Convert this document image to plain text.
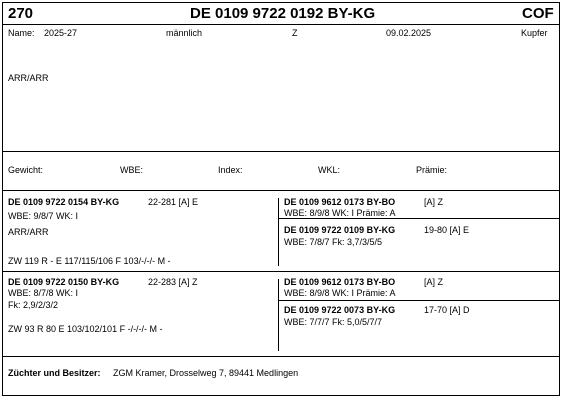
270	DE 0109 9722 0192 BY-KG	COF
Name: 2025-27	männlich	Z	09.02.2025	Kupfer
ARR/ARR
Gewicht:	WBE:	Index:	WKL:	Prämie:
DE 0109 9722 0154 BY-KG	22-281 [A] E
WBE: 9/8/7 WK: I
ARR/ARR
ZW 119 R - E 117/115/106 F 103/-/-/- M -
DE 0109 9612 0173 BY-BO	[A] Z
WBE: 8/9/8 WK: I Prämie: A
DE 0109 9722 0109 BY-KG	19-80 [A] E
WBE: 7/8/7 Fk: 3,7/3/5/5
DE 0109 9722 0150 BY-KG	22-283 [A] Z
WBE: 8/7/8 WK: I
Fk: 2,9/2/3/2
ZW 93 R 80 E 103/102/101 F -/-/-/- M -
DE 0109 9612 0173 BY-BO	[A] Z
WBE: 8/9/8 WK: I Prämie: A
DE 0109 9722 0073 BY-KG	17-70 [A] D
WBE: 7/7/7 Fk: 5,0/5/7/7
Züchter und Besitzer: ZGM Kramer, Drosselweg 7, 89441 Medlingen
